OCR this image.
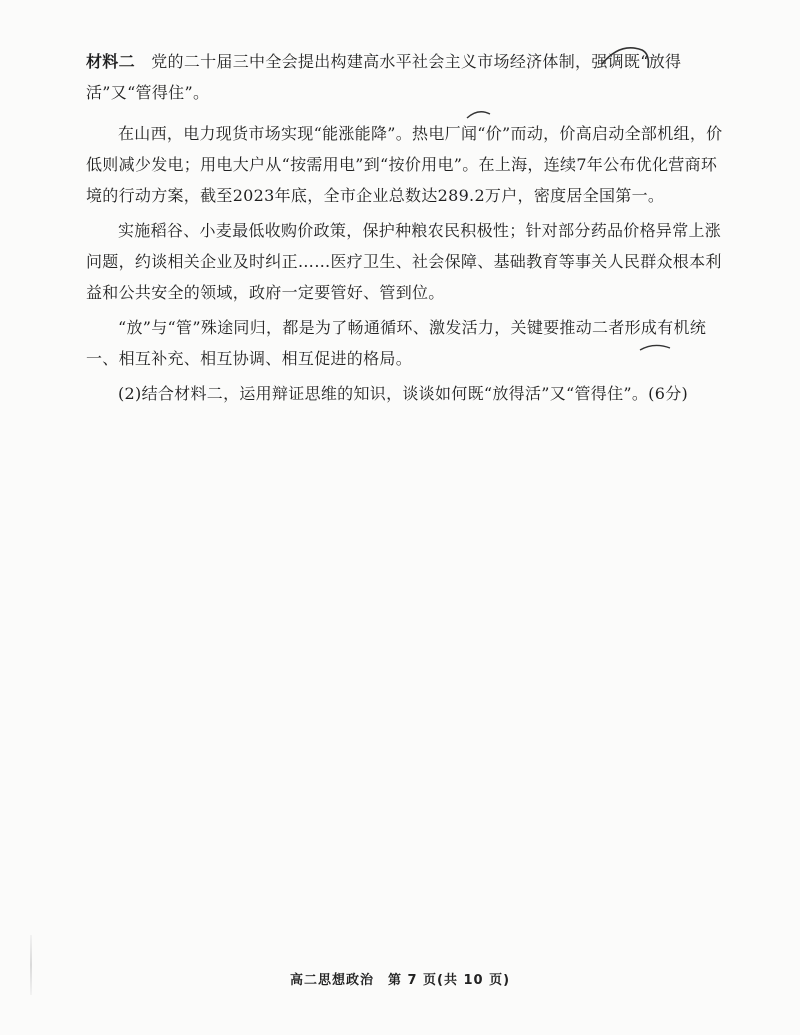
材料二　 党的二十届三中全会提出构建高水平社会主义市场经济体制，强调既“放得活”又“管得住”。

在山西，电力现货市场实现“能涨能降”。热电厂闻“价”而动，价高启动全部机组，价低则减少发电；用电大户从“按需用电”到“按价用电”。在上海，连续7年公布优化营商环境的行动方案，截至2023年底，全市企业总数达289.2万户，密度居全国第一。

实施稻谷、小麦最低收购价政策，保护种粮农民积极性；针对部分药品价格异常上涨问题，约谈相关企业及时纠正……医疗卫生、社会保障、基础教育等事关人民群众根本利益和公共安全的领域，政府一定要管好、管到位。

“放”与“管”殊途同归，都是为了畅通循环、激发活力，关键要推动二者形成有机统一、相互补充、相互协调、相互促进的格局。

(2)结合材料二，运用辩证思维的知识，谈谈如何既“放得活”又“管得住”。(6分)

高二思想政治　第 7 页(共 10 页)
